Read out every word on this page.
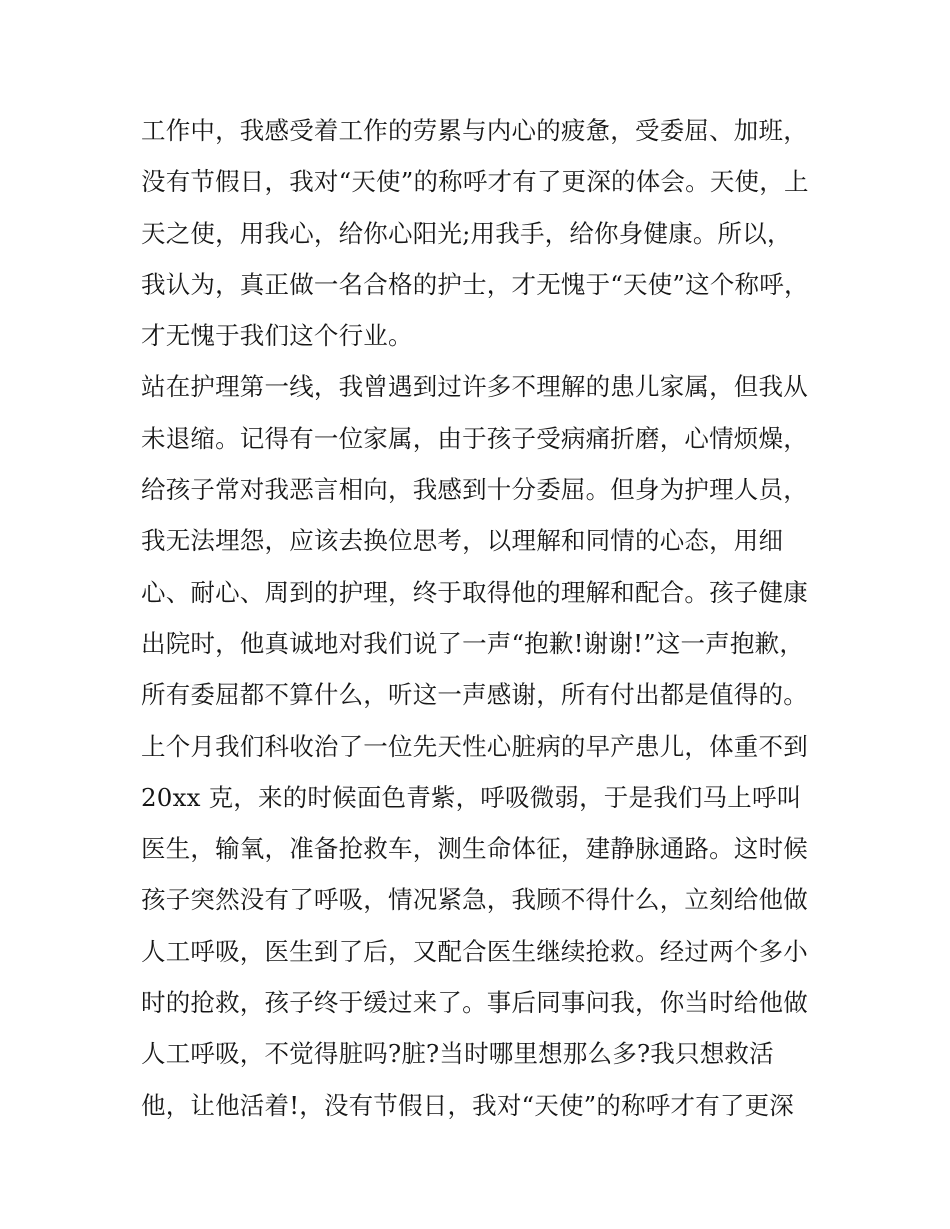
工作中，我感受着工作的劳累与内心的疲惫，受委屈、加班，
没有节假日，我对“天使”的称呼才有了更深的体会。天使，上
天之使，用我心，给你心阳光;用我手，给你身健康。所以，
我认为，真正做一名合格的护士，才无愧于“天使”这个称呼，
才无愧于我们这个行业。
站在护理第一线，我曾遇到过许多不理解的患儿家属，但我从
未退缩。记得有一位家属，由于孩子受病痛折磨，心情烦燥，
给孩子常对我恶言相向，我感到十分委屈。但身为护理人员，
我无法埋怨，应该去换位思考，以理解和同情的心态，用细
心、耐心、周到的护理，终于取得他的理解和配合。孩子健康
出院时，他真诚地对我们说了一声“抱歉!谢谢!”这一声抱歉，
所有委屈都不算什么，听这一声感谢，所有付出都是值得的。
上个月我们科收治了一位先天性心脏病的早产患儿，体重不到
20xx 克，来的时候面色青紫，呼吸微弱，于是我们马上呼叫
医生，输氧，准备抢救车，测生命体征，建静脉通路。这时候
孩子突然没有了呼吸，情况紧急，我顾不得什么，立刻给他做
人工呼吸，医生到了后，又配合医生继续抢救。经过两个多小
时的抢救，孩子终于缓过来了。事后同事问我，你当时给他做
人工呼吸，不觉得脏吗?脏?当时哪里想那么多?我只想救活
他，让他活着!，没有节假日，我对“天使”的称呼才有了更深
